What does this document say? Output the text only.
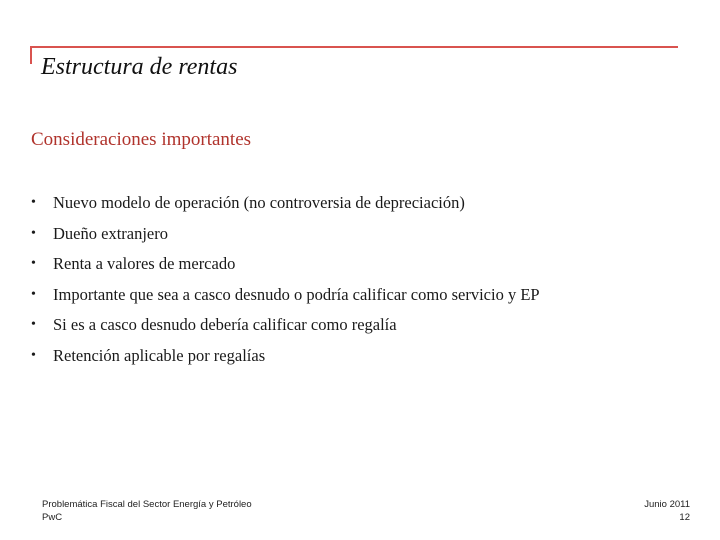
Estructura de rentas
Consideraciones importantes
•	Nuevo modelo de operación (no controversia de depreciación)
•	Dueño extranjero
•	Renta a valores de mercado
•	Importante que sea a casco desnudo o podría calificar como servicio y EP
•	Si es a casco desnudo debería calificar como regalía
•	Retención aplicable por regalías
Problemática Fiscal del Sector Energía y Petróleo
PwC
Junio 2011
12
